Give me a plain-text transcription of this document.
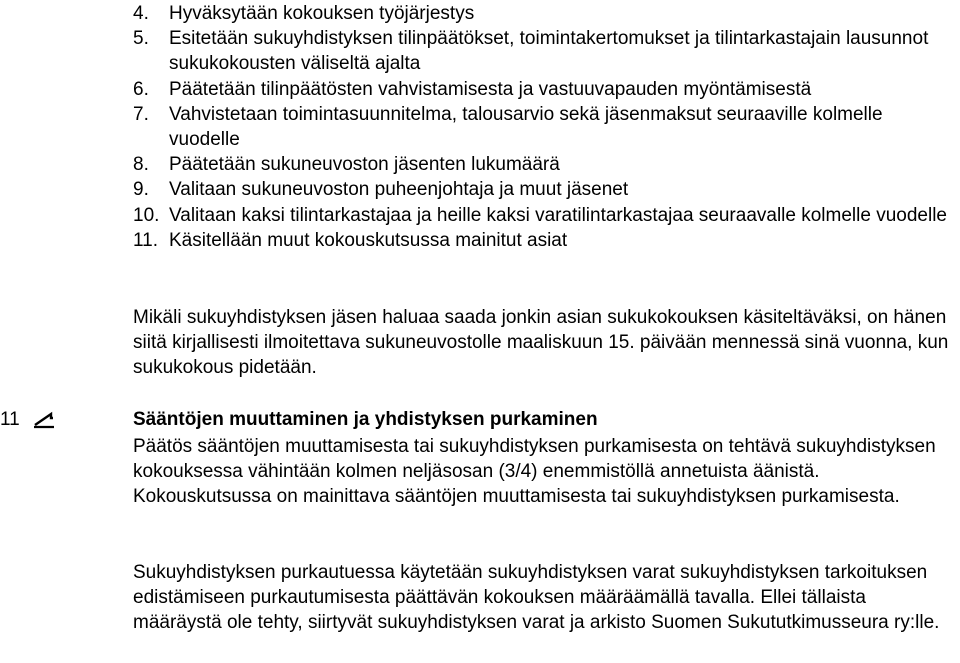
4. Hyväksytään kokouksen työjärjestys
5. Esitetään sukuyhdistyksen tilinpäätökset, toimintakertomukset ja tilintarkastajain lausunnot sukukokousten väliseltä ajalta
6. Päätetään tilinpäätösten vahvistamisesta ja vastuuvapauden myöntämisestä
7. Vahvistetaan toimintasuunnitelma, talousarvio sekä jäsenmaksut seuraaville kolmelle vuodelle
8. Päätetään sukuneuvoston jäsenten lukumäärä
9. Valitaan sukuneuvoston puheenjohtaja ja muut jäsenet
10. Valitaan kaksi tilintarkastajaa ja heille kaksi varatilintarkastajaa seuraavalle kolmelle vuodelle
11. Käsitellään muut kokouskutsussa mainitut asiat

Mikäli sukuyhdistyksen jäsen haluaa saada jonkin asian sukukokouksen käsiteltäväksi, on hänen siitä kirjallisesti ilmoitettava sukuneuvostolle maaliskuun 15. päivään mennessä sinä vuonna, kun sukukokous pidetään.

11	Sääntöjen muuttaminen ja yhdistyksen purkaminen

Päätös sääntöjen muuttamisesta tai sukuyhdistyksen purkamisesta on tehtävä sukuyhdistyksen kokouksessa vähintään kolmen neljäsosan (3/4) enemmistöllä annetuista äänistä. Kokouskutsussa on mainittava sääntöjen muuttamisesta tai sukuyhdistyksen purkamisesta.

Sukuyhdistyksen purkautuessa käytetään sukuyhdistyksen varat sukuyhdistyksen tarkoituksen edistämiseen purkautumisesta päättävän kokouksen määräämällä tavalla. Ellei tällaista määräystä ole tehty, siirtyvät sukuyhdistyksen varat ja arkisto Suomen Sukututkimusseura ry:lle.
